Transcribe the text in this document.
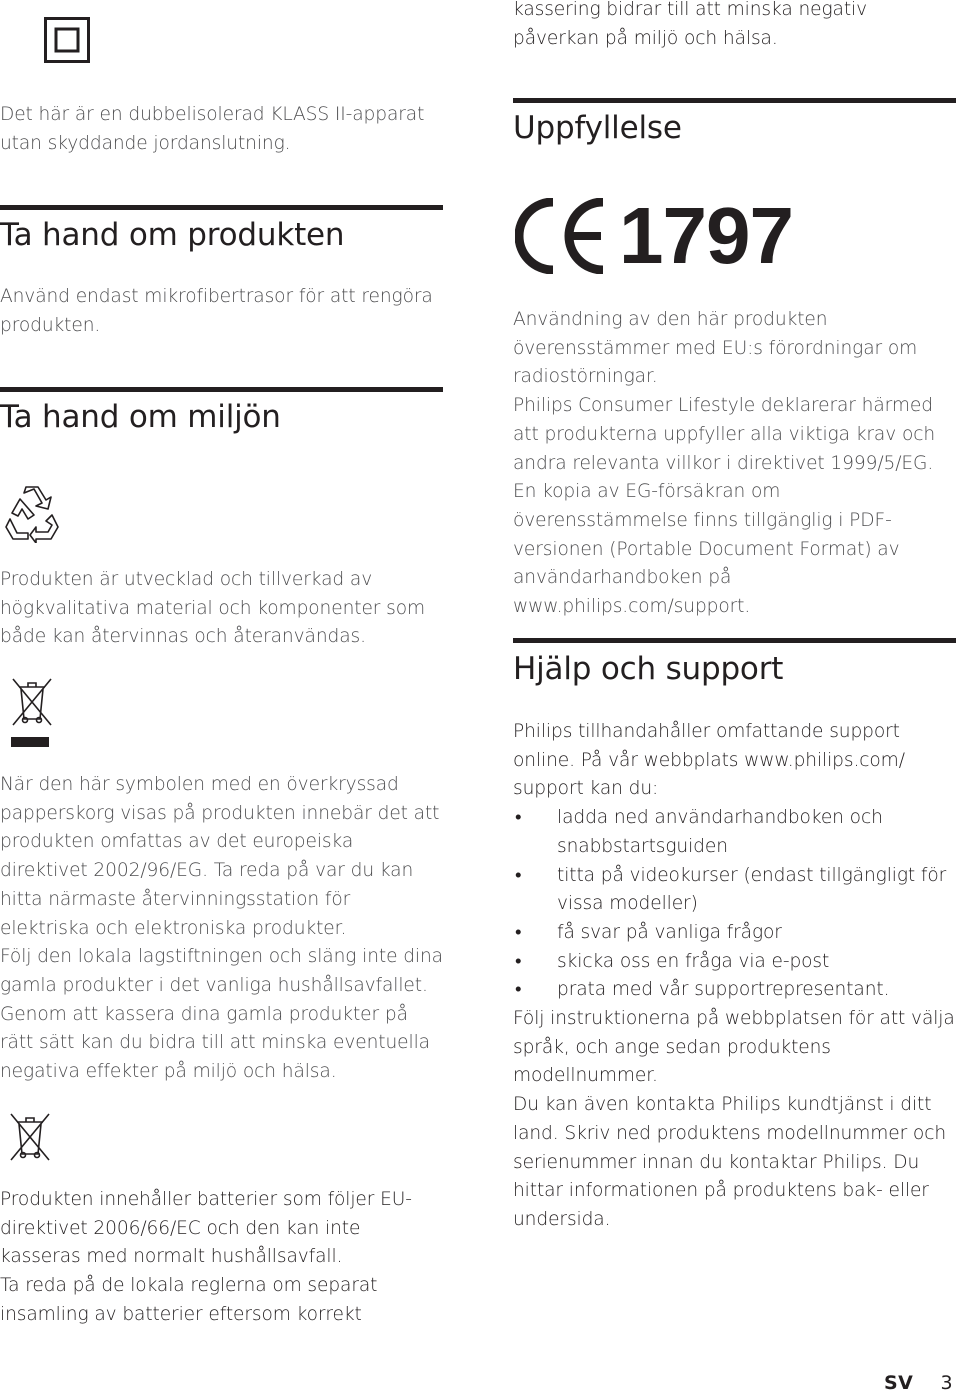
Det här är en dubbelisolerad KLASS II-apparat utan skyddande jordanslutning.

Ta hand om produkten

Använd endast mikrofibertrasor för att rengöra produkten.

Ta hand om miljön

Produkten är utvecklad och tillverkad av högkvalitativa material och komponenter som både kan återvinnas och återanvändas.

När den här symbolen med en överkryssad papperskorg visas på produkten innebär det att produkten omfattas av det europeiska direktivet 2002/96/EG. Ta reda på var du kan hitta närmaste återvinningsstation för elektriska och elektroniska produkter.

Följ den lokala lagstiftningen och släng inte dina gamla produkter i det vanliga hushållsavfallet. Genom att kassera dina gamla produkter på rätt sätt kan du bidra till att minska eventuella negativa effekter på miljö och hälsa.

Produkten innehåller batterier som följer EU-direktivet 2006/66/EC och den kan inte kasseras med normalt hushållsavfall.

Ta reda på de lokala reglerna om separat insamling av batterier eftersom korrekt

kassering bidrar till att minska negativ påverkan på miljö och hälsa.

Uppfyllelse
1797

Användning av den här produkten överensstämmer med EU:s förordningar om radiostörningar.

Philips Consumer Lifestyle deklarerar härmed att produkterna uppfyller alla viktiga krav och andra relevanta villkor i direktivet 1999/5/EG.

En kopia av EG-försäkran om överensstämmelse finns tillgänglig i PDF-versionen (Portable Document Format) av användarhandboken på www.philips.com/support.

Hjälp och support

Philips tillhandahåller omfattande support online. På vår webbplats www.philips.com/ support kan du:

• ladda ned användarhandboken och snabbstartsguiden
• titta på videokurser (endast tillgängligt för vissa modeller)
• få svar på vanliga frågor
• skicka oss en fråga via e-post
• prata med vår supportrepresentant.

Följ instruktionerna på webbplatsen för att välja språk, och ange sedan produktens modellnummer.

Du kan även kontakta Philips kundtjänst i ditt land. Skriv ned produktens modellnummer och serienummer innan du kontaktar Philips. Du hittar informationen på produktens bak- eller undersida.

SV 3
